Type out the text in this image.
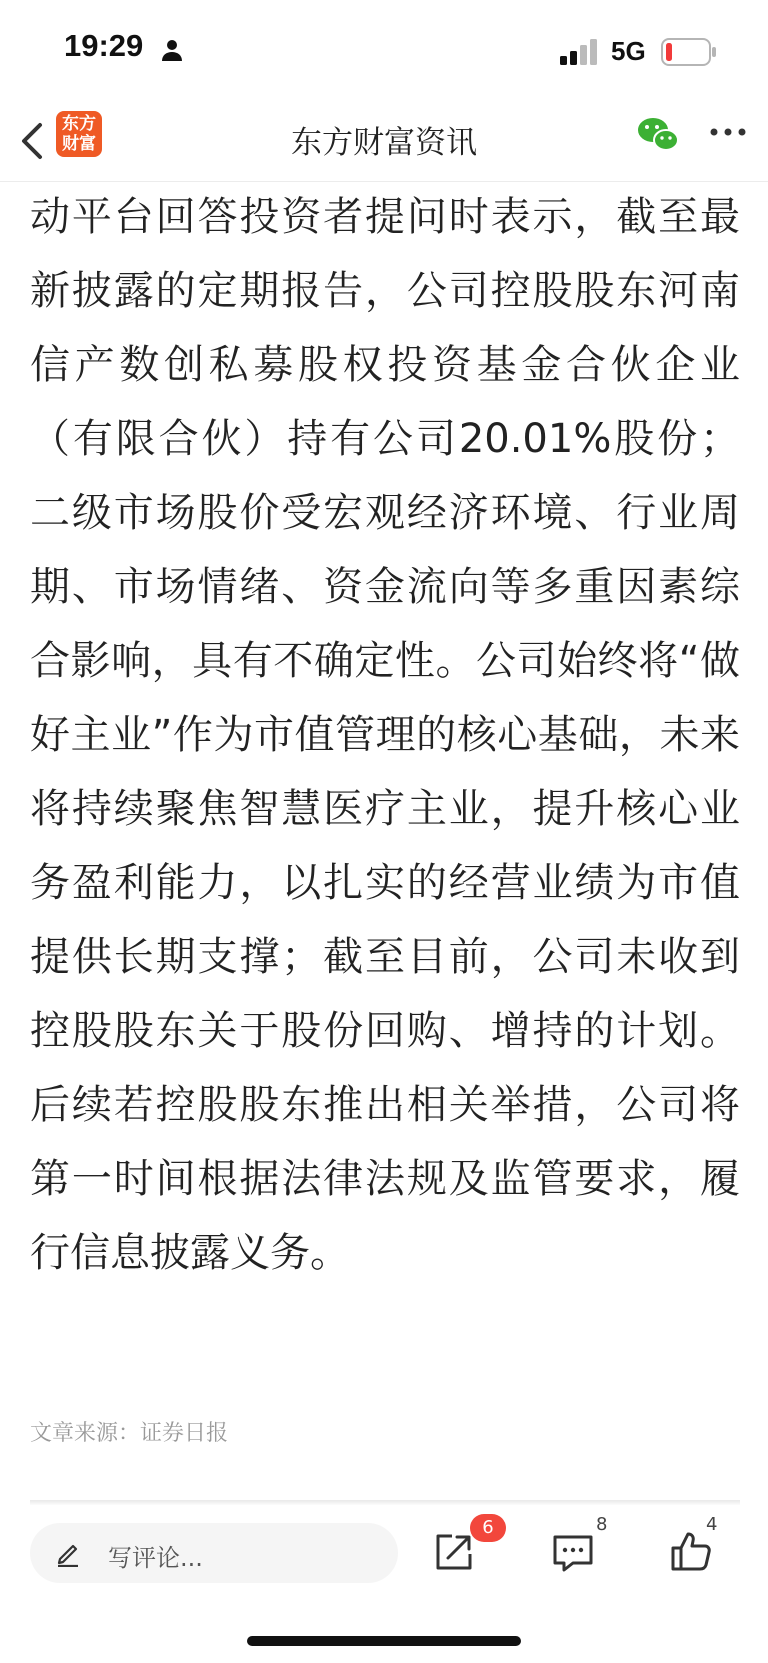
19:29	5G
东方
财富	东方财富资讯
动平台回答投资者提问时表示，截至最新披露的定期报告，公司控股股东河南信产数创私募股权投资基金合伙企业（有限合伙）持有公司20.01%股份；二级市场股价受宏观经济环境、行业周期、市场情绪、资金流向等多重因素综合影响，具有不确定性。公司始终将“做好主业”作为市值管理的核心基础，未来将持续聚焦智慧医疗主业，提升核心业务盈利能力，以扎实的经营业绩为市值提供长期支撑；截至目前，公司未收到控股股东关于股份回购、增持的计划。后续若控股股东推出相关举措，公司将第一时间根据法律法规及监管要求，履行信息披露义务。
文章来源：证券日报
写评论...
6	8	4
